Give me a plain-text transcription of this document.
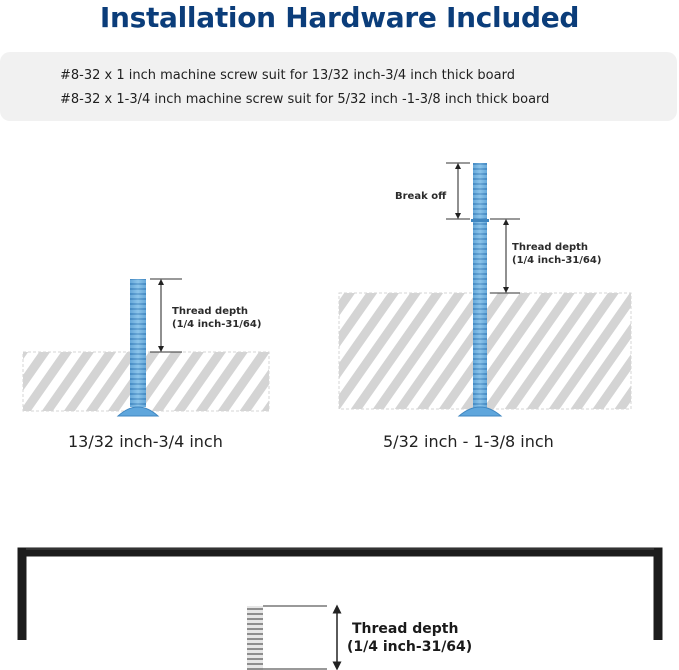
Installation Hardware Included
#8-32 x 1 inch machine screw suit for 13/32 inch-3/4 inch thick board
#8-32 x 1-3/4 inch machine screw suit for 5/32 inch -1-3/8 inch thick board
Thread depth
(1/4 inch-31/64)
13/32 inch-3/4 inch
Break off
Thread depth
(1/4 inch-31/64)
5/32 inch - 1-3/8 inch
Thread depth
(1/4 inch-31/64)
